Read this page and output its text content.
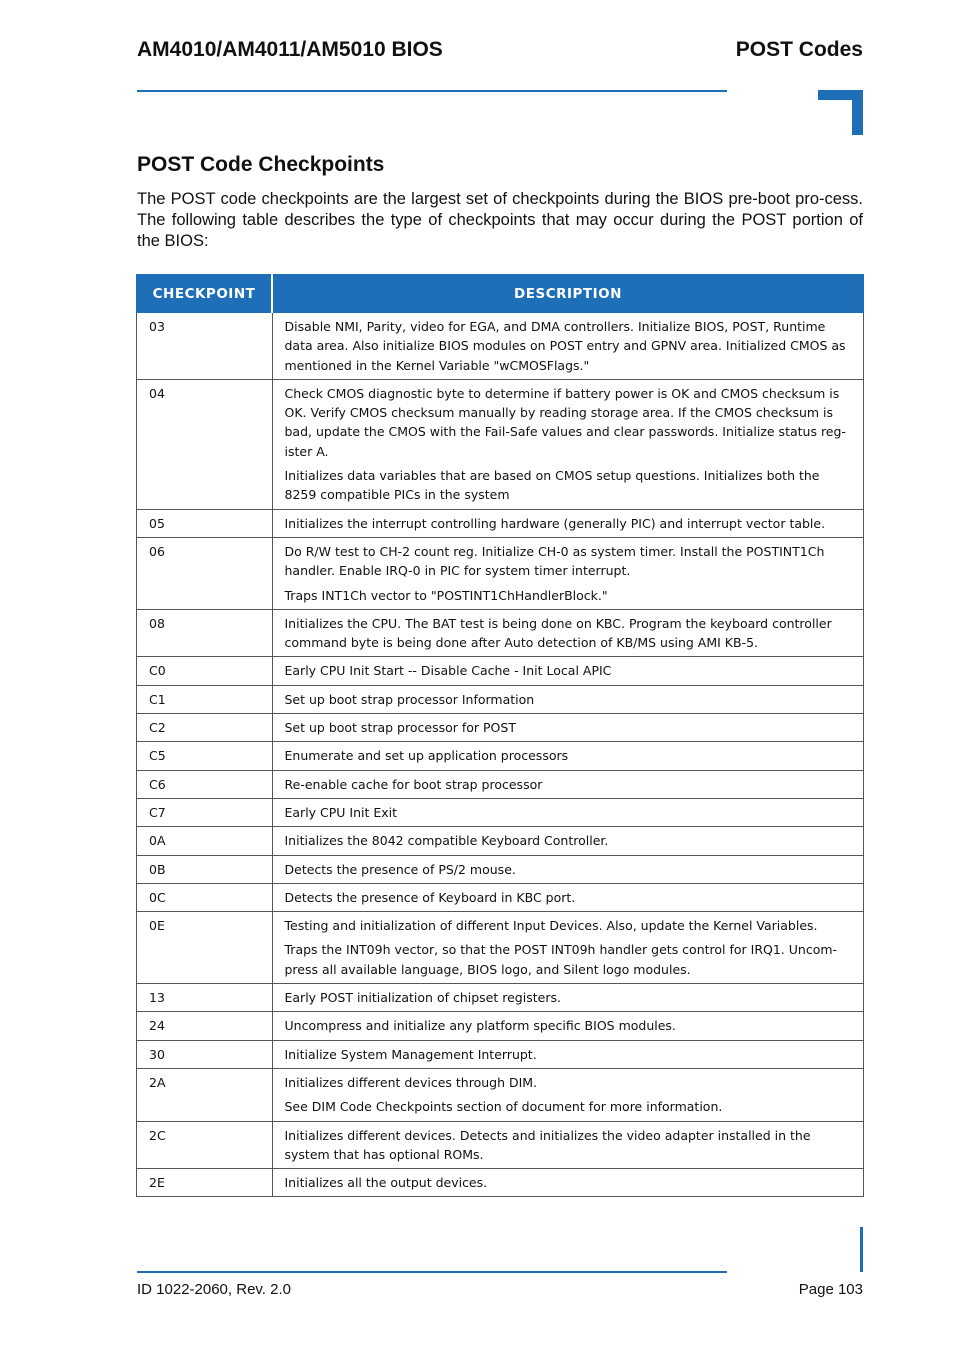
AM4010/AM4011/AM5010 BIOS	POST Codes
POST Code Checkpoints
The POST code checkpoints are the largest set of checkpoints during the BIOS pre-boot pro-cess. The following table describes the type of checkpoints that may occur during the POST portion of the BIOS:
CHECKPOINT	DESCRIPTION
03	Disable NMI, Parity, video for EGA, and DMA controllers. Initialize BIOS, POST, Runtime data area. Also initialize BIOS modules on POST entry and GPNV area. Initialized CMOS as mentioned in the Kernel Variable "wCMOSFlags."

04	Check CMOS diagnostic byte to determine if battery power is OK and CMOS checksum is OK. Verify CMOS checksum manually by reading storage area. If the CMOS checksum is bad, update the CMOS with the Fail-Safe values and clear passwords. Initialize status reg-ister A.

Initializes data variables that are based on CMOS setup questions. Initializes both the 8259 compatible PICs in the system

05	Initializes the interrupt controlling hardware (generally PIC) and interrupt vector table.

06	Do R/W test to CH-2 count reg. Initialize CH-0 as system timer. Install the POSTINT1Ch handler. Enable IRQ-0 in PIC for system timer interrupt.

Traps INT1Ch vector to "POSTINT1ChHandlerBlock."

08	Initializes the CPU. The BAT test is being done on KBC. Program the keyboard controller command byte is being done after Auto detection of KB/MS using AMI KB-5.

C0	Early CPU Init Start -- Disable Cache - Init Local APIC

C1	Set up boot strap processor Information

C2	Set up boot strap processor for POST

C5	Enumerate and set up application processors

C6	Re-enable cache for boot strap processor

C7	Early CPU Init Exit

0A	Initializes the 8042 compatible Keyboard Controller.

0B	Detects the presence of PS/2 mouse.

0C	Detects the presence of Keyboard in KBC port.

0E	Testing and initialization of different Input Devices. Also, update the Kernel Variables.

Traps the INT09h vector, so that the POST INT09h handler gets control for IRQ1. Uncom-press all available language, BIOS logo, and Silent logo modules.

13	Early POST initialization of chipset registers.

24	Uncompress and initialize any platform specific BIOS modules.

30	Initialize System Management Interrupt.

2A	Initializes different devices through DIM.

See DIM Code Checkpoints section of document for more information.

2C	Initializes different devices. Detects and initializes the video adapter installed in the system that has optional ROMs.

2E	Initializes all the output devices.

ID 1022-2060, Rev. 2.0	Page 103
